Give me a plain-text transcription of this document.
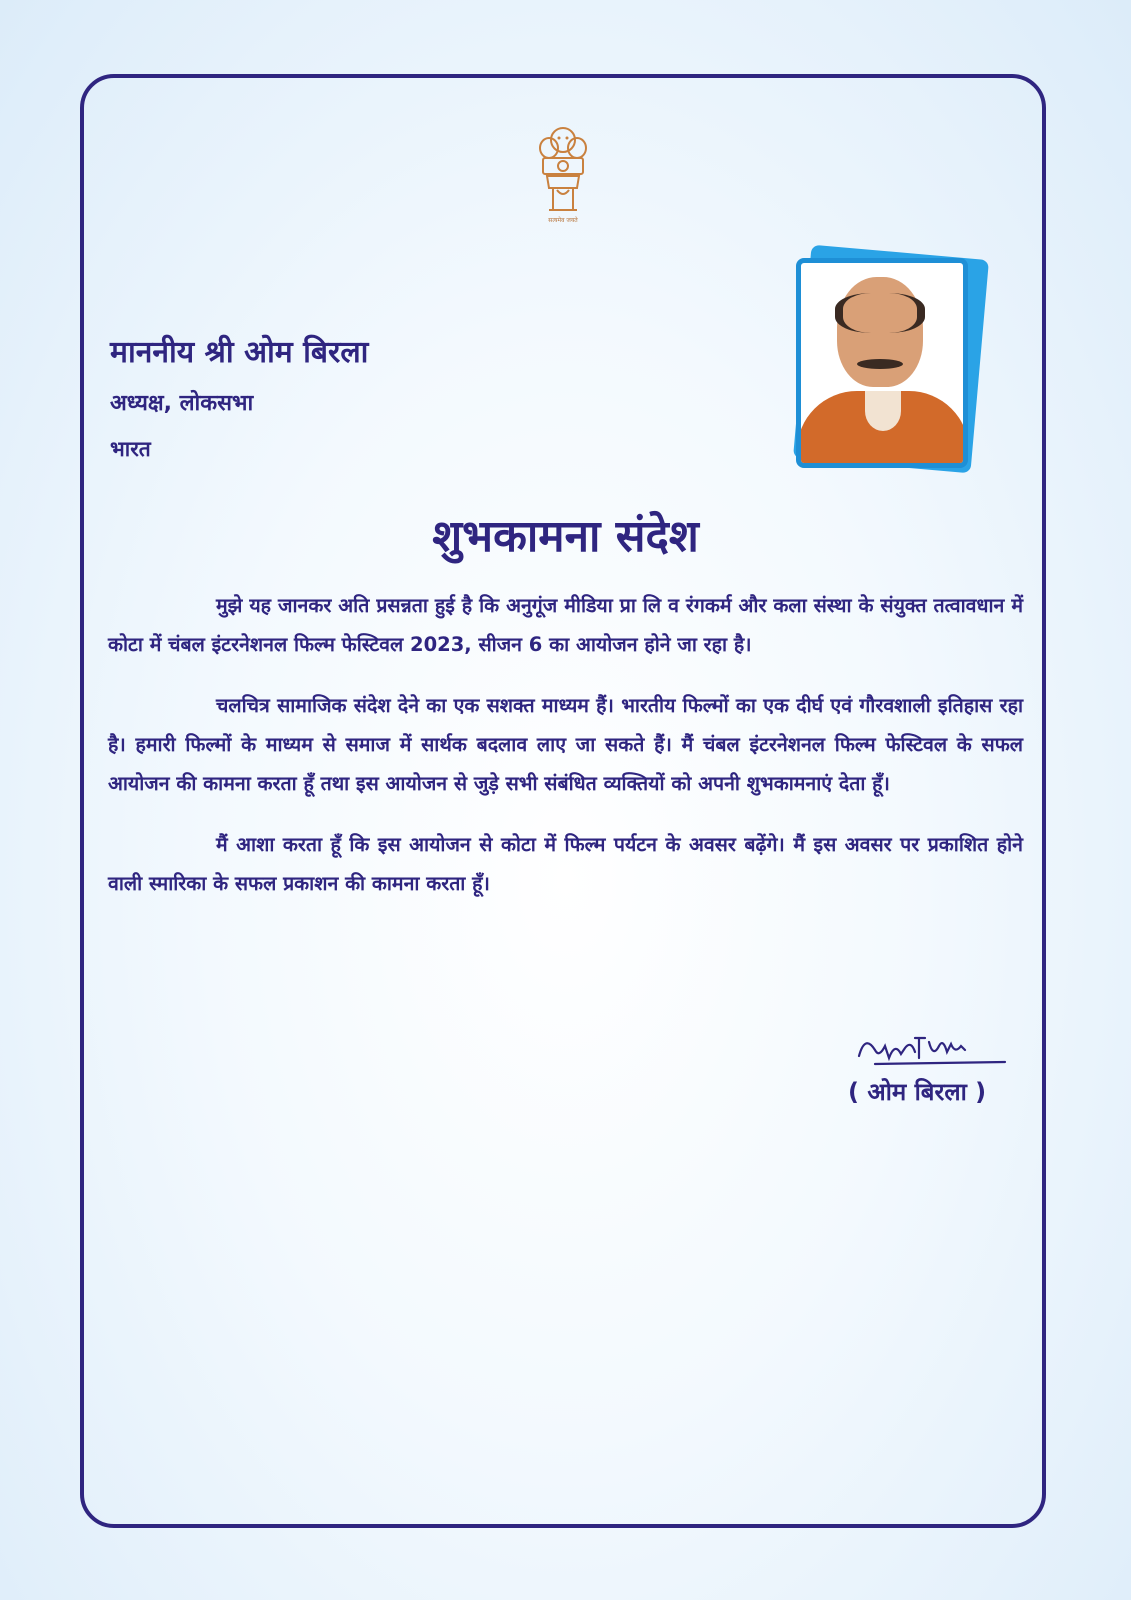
सत्यमेव जयते
माननीय श्री ओम बिरला
अध्यक्ष, लोकसभा
भारत
शुभकामना संदेश

मुझे यह जानकर अति प्रसन्नता हुई है कि अनुगूंज मीडिया प्रा लि व रंगकर्म और कला संस्था के संयुक्त तत्वावधान में कोटा में चंबल इंटरनेशनल फिल्म फेस्टिवल 2023, सीजन 6 का आयोजन होने जा रहा है।

चलचित्र सामाजिक संदेश देने का एक सशक्त माध्यम हैं। भारतीय फिल्मों का एक दीर्घ एवं गौरवशाली इतिहास रहा है। हमारी फिल्मों के माध्यम से समाज में सार्थक बदलाव लाए जा सकते हैं। मैं चंबल इंटरनेशनल फिल्म फेस्टिवल के सफल आयोजन की कामना करता हूँ तथा इस आयोजन से जुड़े सभी संबंधित व्यक्तियों को अपनी शुभकामनाएं देता हूँ।

मैं आशा करता हूँ कि इस आयोजन से कोटा में फिल्म पर्यटन के अवसर बढ़ेंगे। मैं इस अवसर पर प्रकाशित होने वाली स्मारिका के सफल प्रकाशन की कामना करता हूँ।

( ओम बिरला )
